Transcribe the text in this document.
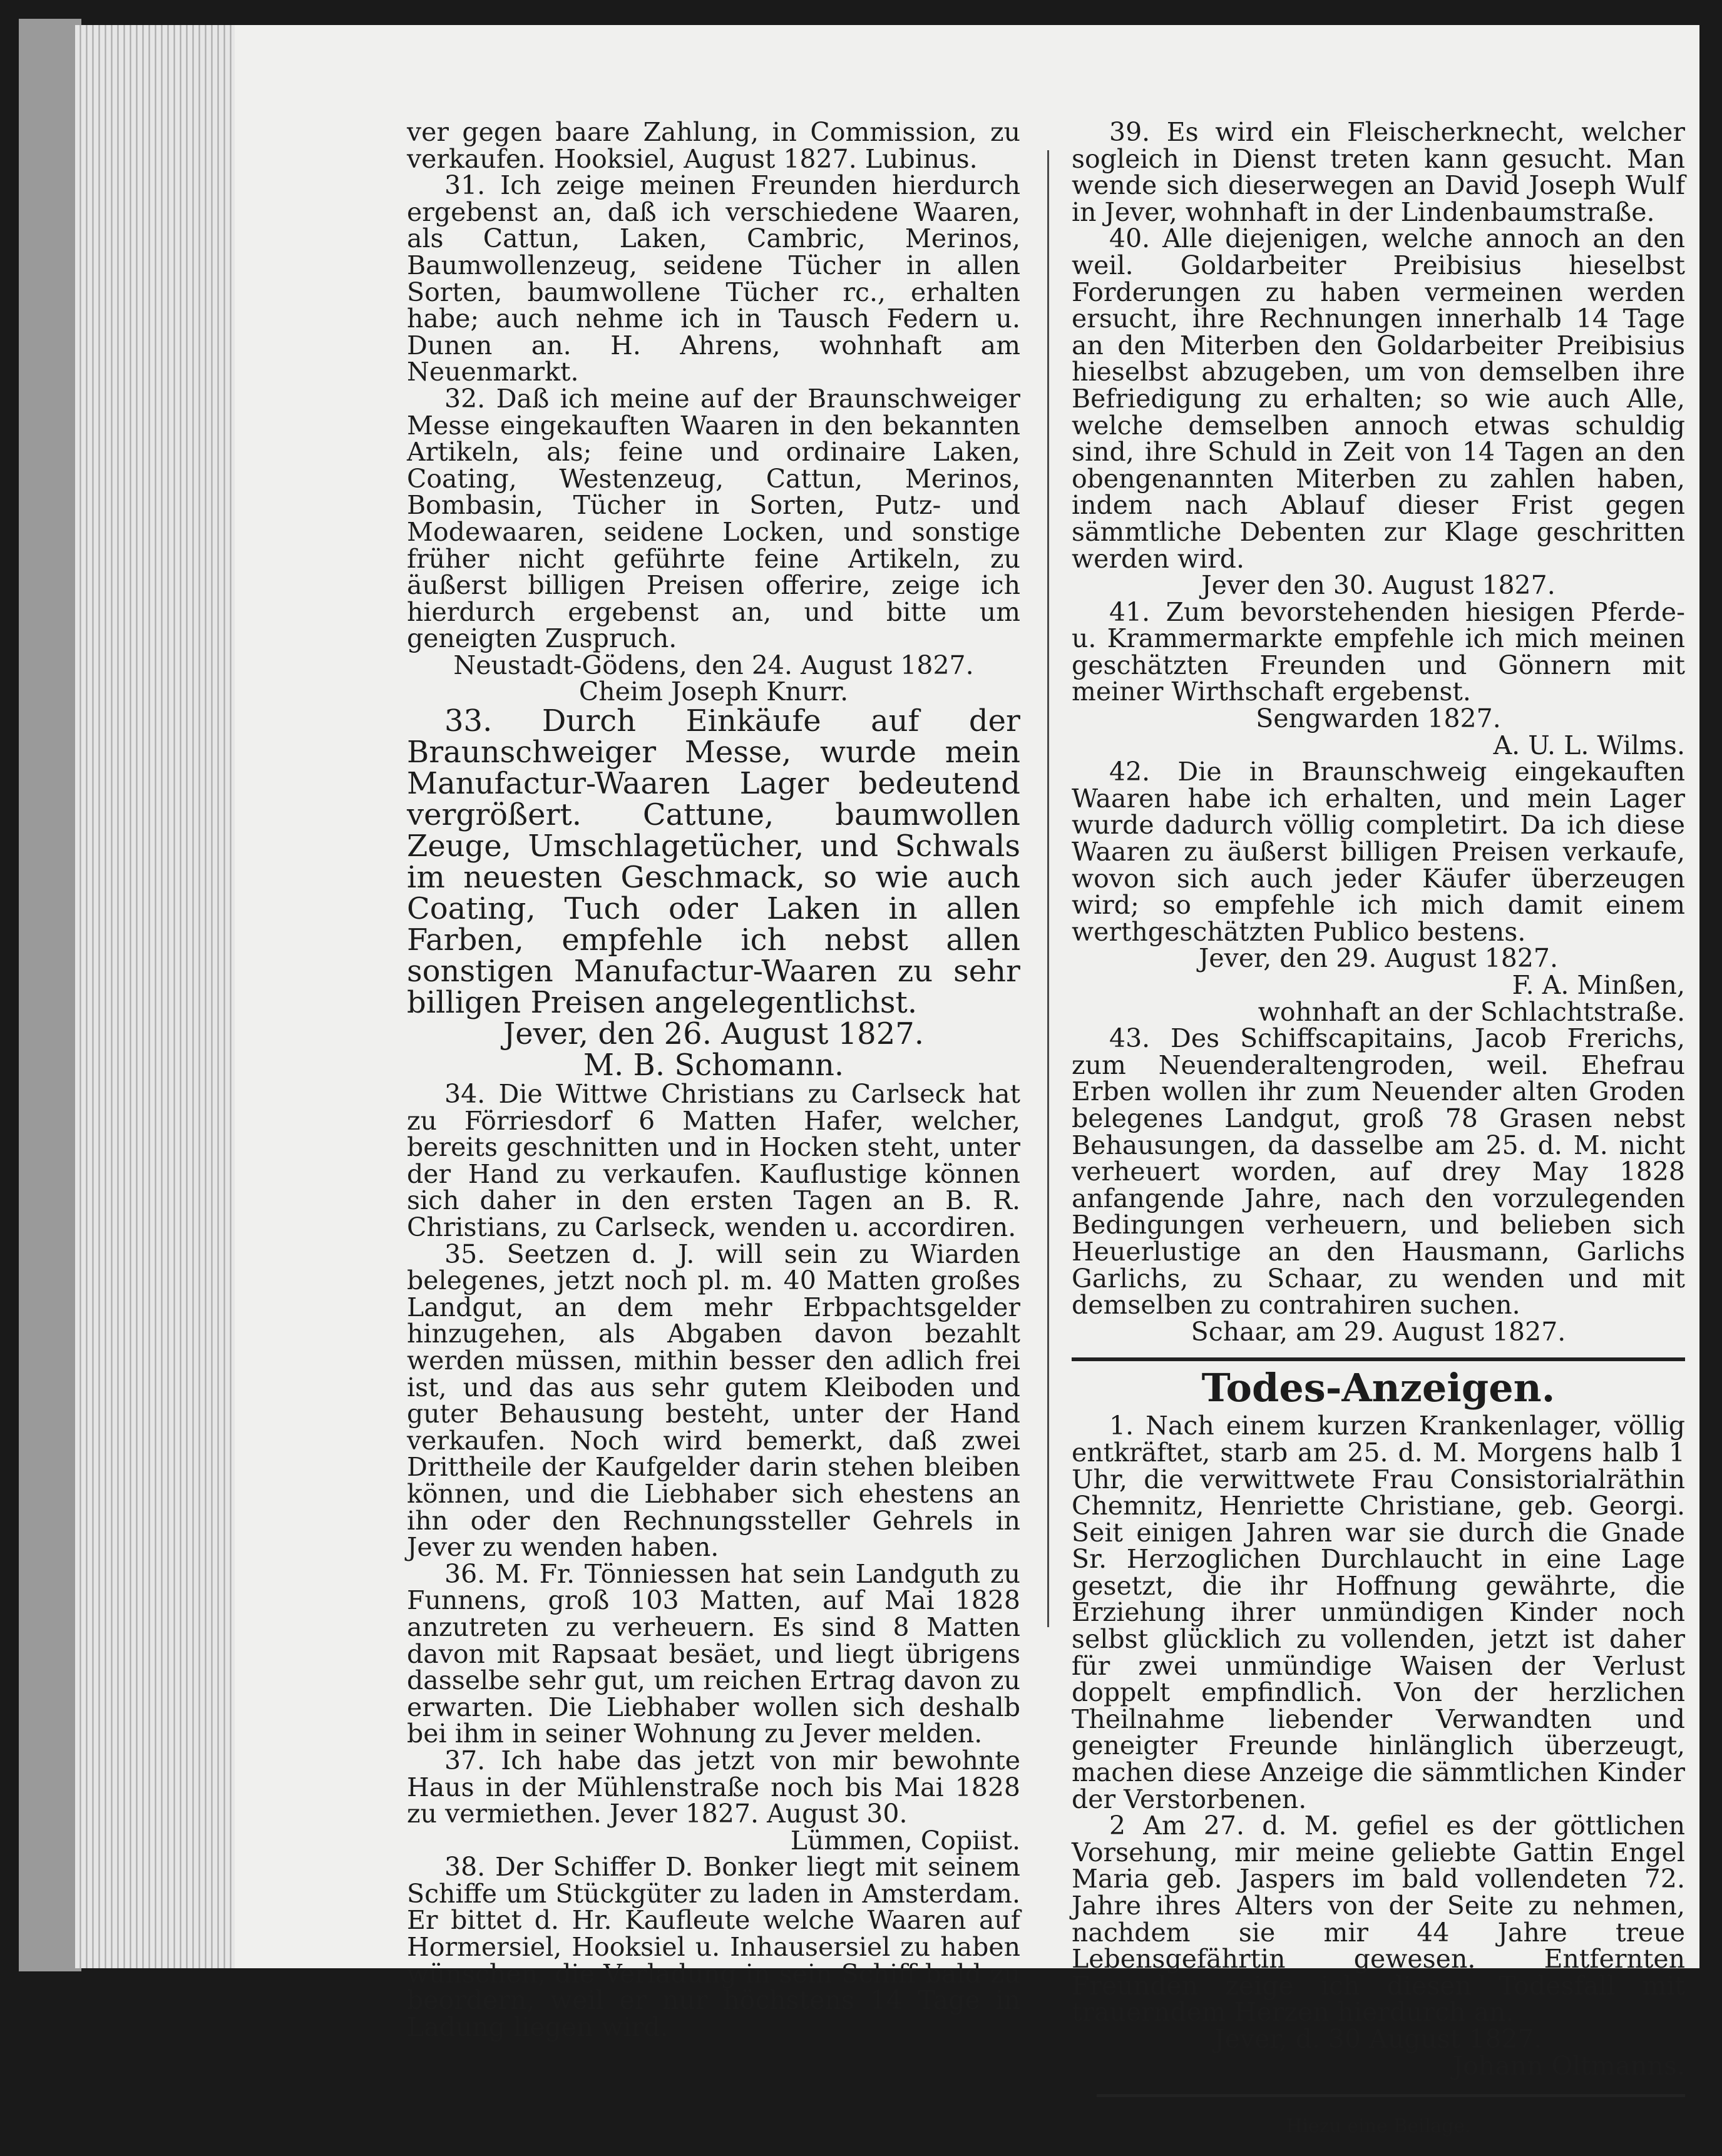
ver gegen baare Zahlung, in Commission, zu verkaufen. Hooksiel, August 1827. Lubinus.

31. Ich zeige meinen Freunden hierdurch ergebenst an, daß ich verschiedene Waaren, als Cattun, Laken, Cambric, Merinos, Baumwollenzeug, seidene Tücher in allen Sorten, baumwollene Tücher rc., erhalten habe; auch nehme ich in Tausch Federn u. Dunen an. H. Ahrens, wohnhaft am Neuenmarkt.

32. Daß ich meine auf der Braunschweiger Messe eingekauften Waaren in den bekannten Artikeln, als; feine und ordinaire Laken, Coating, Westenzeug, Cattun, Merinos, Bombasin, Tücher in Sorten, Putz- und Modewaaren, seidene Locken, und sonstige früher nicht geführte feine Artikeln, zu äußerst billigen Preisen offerire, zeige ich hierdurch ergebenst an, und bitte um geneigten Zuspruch.

Neustadt-Gödens, den 24. August 1827.

Cheim Joseph Knurr.

33. Durch Einkäufe auf der Braunschweiger Messe, wurde mein Manufactur-Waaren Lager bedeutend vergrößert. Cattune, baumwollen Zeuge, Umschlagetücher, und Schwals im neuesten Geschmack, so wie auch Coating, Tuch oder Laken in allen Farben, empfehle ich nebst allen sonstigen Manufactur-Waaren zu sehr billigen Preisen angelegentlichst.

Jever, den 26. August 1827.

M. B. Schomann.

34. Die Wittwe Christians zu Carlseck hat zu Förriesdorf 6 Matten Hafer, welcher, bereits geschnitten und in Hocken steht, unter der Hand zu verkaufen. Kauflustige können sich daher in den ersten Tagen an B. R. Christians, zu Carlseck, wenden u. accordiren.

35. Seetzen d. J. will sein zu Wiarden belegenes, jetzt noch pl. m. 40 Matten großes Landgut, an dem mehr Erbpachtsgelder hinzugehen, als Abgaben davon bezahlt werden müssen, mithin besser den adlich frei ist, und das aus sehr gutem Kleiboden und guter Behausung besteht, unter der Hand verkaufen. Noch wird bemerkt, daß zwei Drittheile der Kaufgelder darin stehen bleiben können, und die Liebhaber sich ehestens an ihn oder den Rechnungssteller Gehrels in Jever zu wenden haben.

36. M. Fr. Tönniessen hat sein Landguth zu Funnens, groß 103 Matten, auf Mai 1828 anzutreten zu verheuern. Es sind 8 Matten davon mit Rapsaat besäet, und liegt übrigens dasselbe sehr gut, um reichen Ertrag davon zu erwarten. Die Liebhaber wollen sich deshalb bei ihm in seiner Wohnung zu Jever melden.

37. Ich habe das jetzt von mir bewohnte Haus in der Mühlenstraße noch bis Mai 1828 zu vermiethen. Jever 1827. August 30.

Lümmen, Copiist.

38. Der Schiffer D. Bonker liegt mit seinem Schiffe um Stückgüter zu laden in Amsterdam. Er bittet d. Hr. Kaufleute welche Waaren auf Hormersiel, Hooksiel u. Inhausersiel zu haben wünschen, die Verladung in sein Schiff bald zu beordern, weil er nur höchstens 14 Tage in Ladung liegen wird.

39. Es wird ein Fleischerknecht, welcher sogleich in Dienst treten kann gesucht. Man wende sich dieserwegen an David Joseph Wulf in Jever, wohnhaft in der Lindenbaumstraße.

40. Alle diejenigen, welche annoch an den weil. Goldarbeiter Preibisius hieselbst Forderungen zu haben vermeinen werden ersucht, ihre Rechnungen innerhalb 14 Tage an den Miterben den Goldarbeiter Preibisius hieselbst abzugeben, um von demselben ihre Befriedigung zu erhalten; so wie auch Alle, welche demselben annoch etwas schuldig sind, ihre Schuld in Zeit von 14 Tagen an den obengenannten Miterben zu zahlen haben, indem nach Ablauf dieser Frist gegen sämmtliche Debenten zur Klage geschritten werden wird.

Jever den 30. August 1827.

41. Zum bevorstehenden hiesigen Pferde- u. Krammermarkte empfehle ich mich meinen geschätzten Freunden und Gönnern mit meiner Wirthschaft ergebenst.

Sengwarden 1827.

A. U. L. Wilms.

42. Die in Braunschweig eingekauften Waaren habe ich erhalten, und mein Lager wurde dadurch völlig completirt. Da ich diese Waaren zu äußerst billigen Preisen verkaufe, wovon sich auch jeder Käufer überzeugen wird; so empfehle ich mich damit einem werthgeschätzten Publico bestens.

Jever, den 29. August 1827.

F. A. Minßen,

wohnhaft an der Schlachtstraße.

43. Des Schiffscapitains, Jacob Frerichs, zum Neuenderaltengroden, weil. Ehefrau Erben wollen ihr zum Neuender alten Groden belegenes Landgut, groß 78 Grasen nebst Behausungen, da dasselbe am 25. d. M. nicht verheuert worden, auf drey May 1828 anfangende Jahre, nach den vorzulegenden Bedingungen verheuern, und belieben sich Heuerlustige an den Hausmann, Garlichs Garlichs, zu Schaar, zu wenden und mit demselben zu contrahiren suchen.

Schaar, am 29. August 1827.

Todes-Anzeigen.

1. Nach einem kurzen Krankenlager, völlig entkräftet, starb am 25. d. M. Morgens halb 1 Uhr, die verwittwete Frau Consistorialräthin Chemnitz, Henriette Christiane, geb. Georgi. Seit einigen Jahren war sie durch die Gnade Sr. Herzoglichen Durchlaucht in eine Lage gesetzt, die ihr Hoffnung gewährte, die Erziehung ihrer unmündigen Kinder noch selbst glücklich zu vollenden, jetzt ist daher für zwei unmündige Waisen der Verlust doppelt empfindlich. Von der herzlichen Theilnahme liebender Verwandten und geneigter Freunde hinlänglich überzeugt, machen diese Anzeige die sämmtlichen Kinder der Verstorbenen.

2 Am 27. d. M. gefiel es der göttlichen Vorsehung, mir meine geliebte Gattin Engel Maria geb. Jaspers im bald vollendeten 72. Jahre ihres Alters von der Seite zu nehmen, nachdem sie mir 44 Jahre treue Lebensgefährtin gewesen. Entfernten Freunden zeige ich diesen Todesfall mit trauerndem Herzen hierdurch an.

Jever, d. 30 August 1827.

Johann Oltmanns.

Hiezu eine Beilage.
